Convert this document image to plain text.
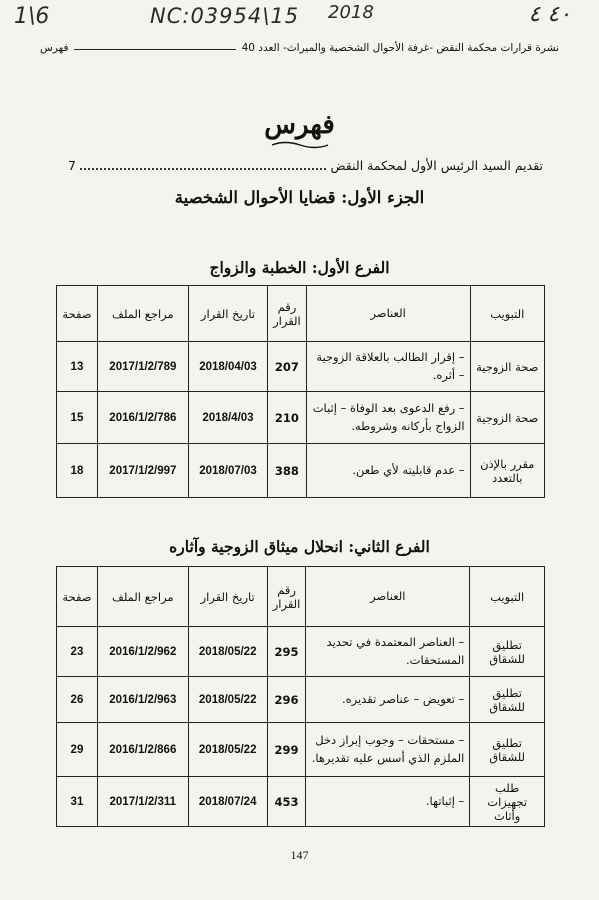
1\6	NC:03954\15 2018	٤٠ ٤
نشرة قرارات محكمة النقض -غرفة الأحوال الشخصية والميراث- العدد 40
فهرس
فهرس
تقديم السيد الرئيس الأول لمحكمة النقض
7
الجزء الأول: قضايا الأحوال الشخصية
الفرع الأول: الخطبة والزواج
التبويب	العناصر	رقم القرار	تاريخ القرار	مراجع الملف	صفحة
صحة الزوجية	– إقرار الطالب بالعلاقة الزوجية – أثره.	207	2018/04/03	2017/1/2/789	13
صحة الزوجية	– رفع الدعوى بعد الوفاة – إثبات الزواج بأركانه وشروطه.	210	2018/4/03	2016/1/2/786	15
مقرر بالإذن بالتعدد	– عدم قابليته لأي طعن.	388	2018/07/03	2017/1/2/997	18
الفرع الثاني: انحلال ميثاق الزوجية وآثاره
التبويب	العناصر	رقم القرار	تاريخ القرار	مراجع الملف	صفحة
تطليق للشقاق	– العناصر المعتمدة في تحديد المستحقات.	295	2018/05/22	2016/1/2/962	23
تطليق للشقاق	– تعويض – عناصر تقديره.	296	2018/05/22	2016/1/2/963	26
تطليق للشقاق	– مستحقات – وجوب إبراز دخل الملزم الذي أسس عليه تقديرها.	299	2018/05/22	2016/1/2/866	29
طلب تجهيزات وأثاث	– إثباتها.	453	2018/07/24	2017/1/2/311	31
147
